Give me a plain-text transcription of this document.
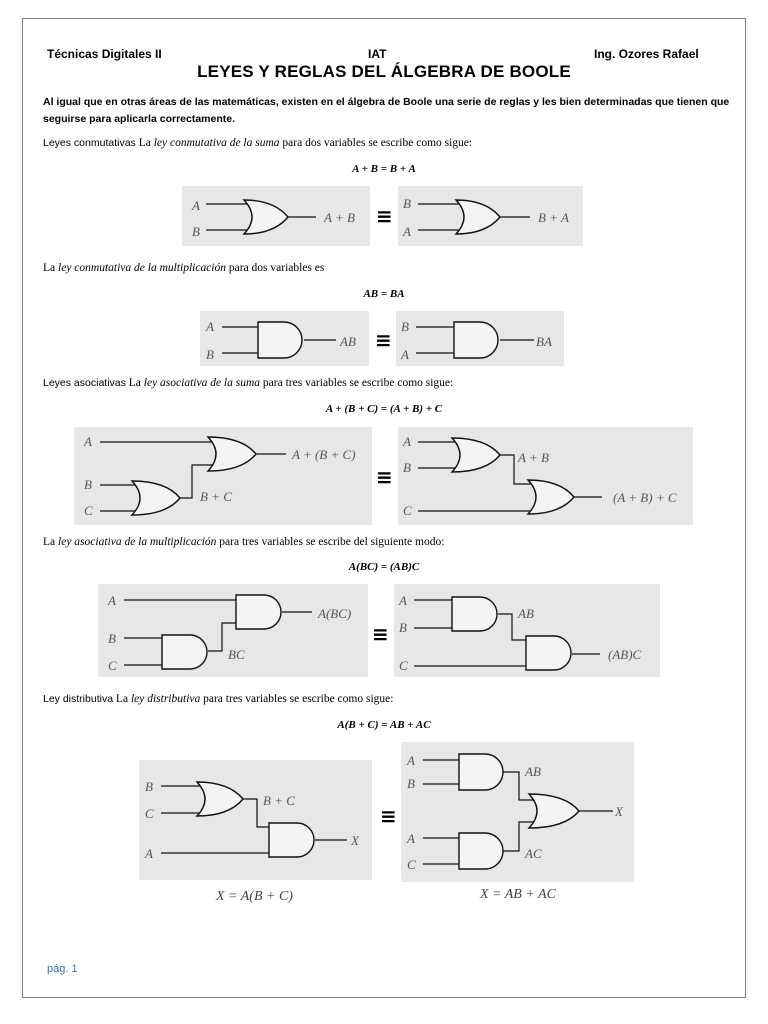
Técnicas Digitales II	IAT	Ing. Ozores Rafael
LEYES Y REGLAS DEL ÁLGEBRA DE BOOLE
Al igual que en otras áreas de las matemáticas, existen en el álgebra de Boole una serie de reglas y les bien determinadas que tienen que seguirse para aplicarla correctamente.
Leyes conmutativas La ley conmutativa de la suma para dos variables se escribe como sigue:
A + B = B + A
A
B
A + B ≡
B
A
B + A
La ley conmutativa de la multiplicación para dos variables es
AB = BA
A
B
AB ≡
B
A
BA
Leyes asociativas La ley asociativa de la suma para tres variables se escribe como sigue:
A + (B + C) = (A + B) + C
A
B
C
B + C
A + (B + C)
≡
A
B
C
A + B
(A + B) + C
La ley asociativa de la multiplicación para tres variables se escribe del siguiente modo:
A(BC) = (AB)C
A
B
C
BC
A(BC)
≡
A
B
C
AB
(AB)C
Ley distributiva La ley distributiva para tres variables se escribe como sigue:
A(B + C) = AB + AC
B
C
A
B + C
X
≡
A
B
A
C
AB
AC
X
X = A(B + C)	X = AB + AC
pág. 1
